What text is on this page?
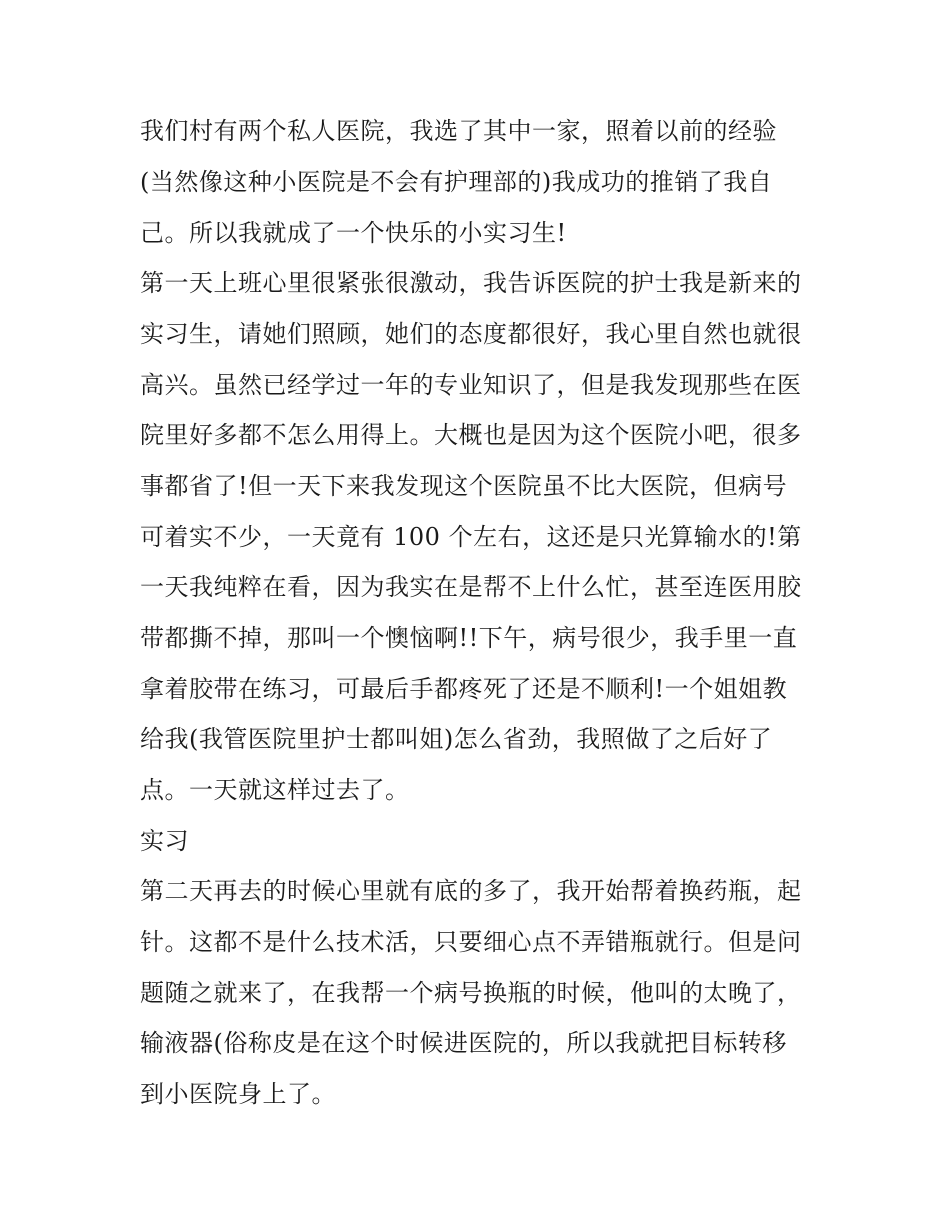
我们村有两个私人医院，我选了其中一家，照着以前的经验
(当然像这种小医院是不会有护理部的)我成功的推销了我自
己。所以我就成了一个快乐的小实习生!
第一天上班心里很紧张很激动，我告诉医院的护士我是新来的
实习生，请她们照顾，她们的态度都很好，我心里自然也就很
高兴。虽然已经学过一年的专业知识了，但是我发现那些在医
院里好多都不怎么用得上。大概也是因为这个医院小吧，很多
事都省了!但一天下来我发现这个医院虽不比大医院，但病号
可着实不少，一天竟有 100 个左右，这还是只光算输水的!第
一天我纯粹在看，因为我实在是帮不上什么忙，甚至连医用胶
带都撕不掉，那叫一个懊恼啊!!下午，病号很少，我手里一直
拿着胶带在练习，可最后手都疼死了还是不顺利!一个姐姐教
给我(我管医院里护士都叫姐)怎么省劲，我照做了之后好了
点。一天就这样过去了。
实习
第二天再去的时候心里就有底的多了，我开始帮着换药瓶，起
针。这都不是什么技术活，只要细心点不弄错瓶就行。但是问
题随之就来了，在我帮一个病号换瓶的时候，他叫的太晚了，
输液器(俗称皮是在这个时候进医院的，所以我就把目标转移
到小医院身上了。
